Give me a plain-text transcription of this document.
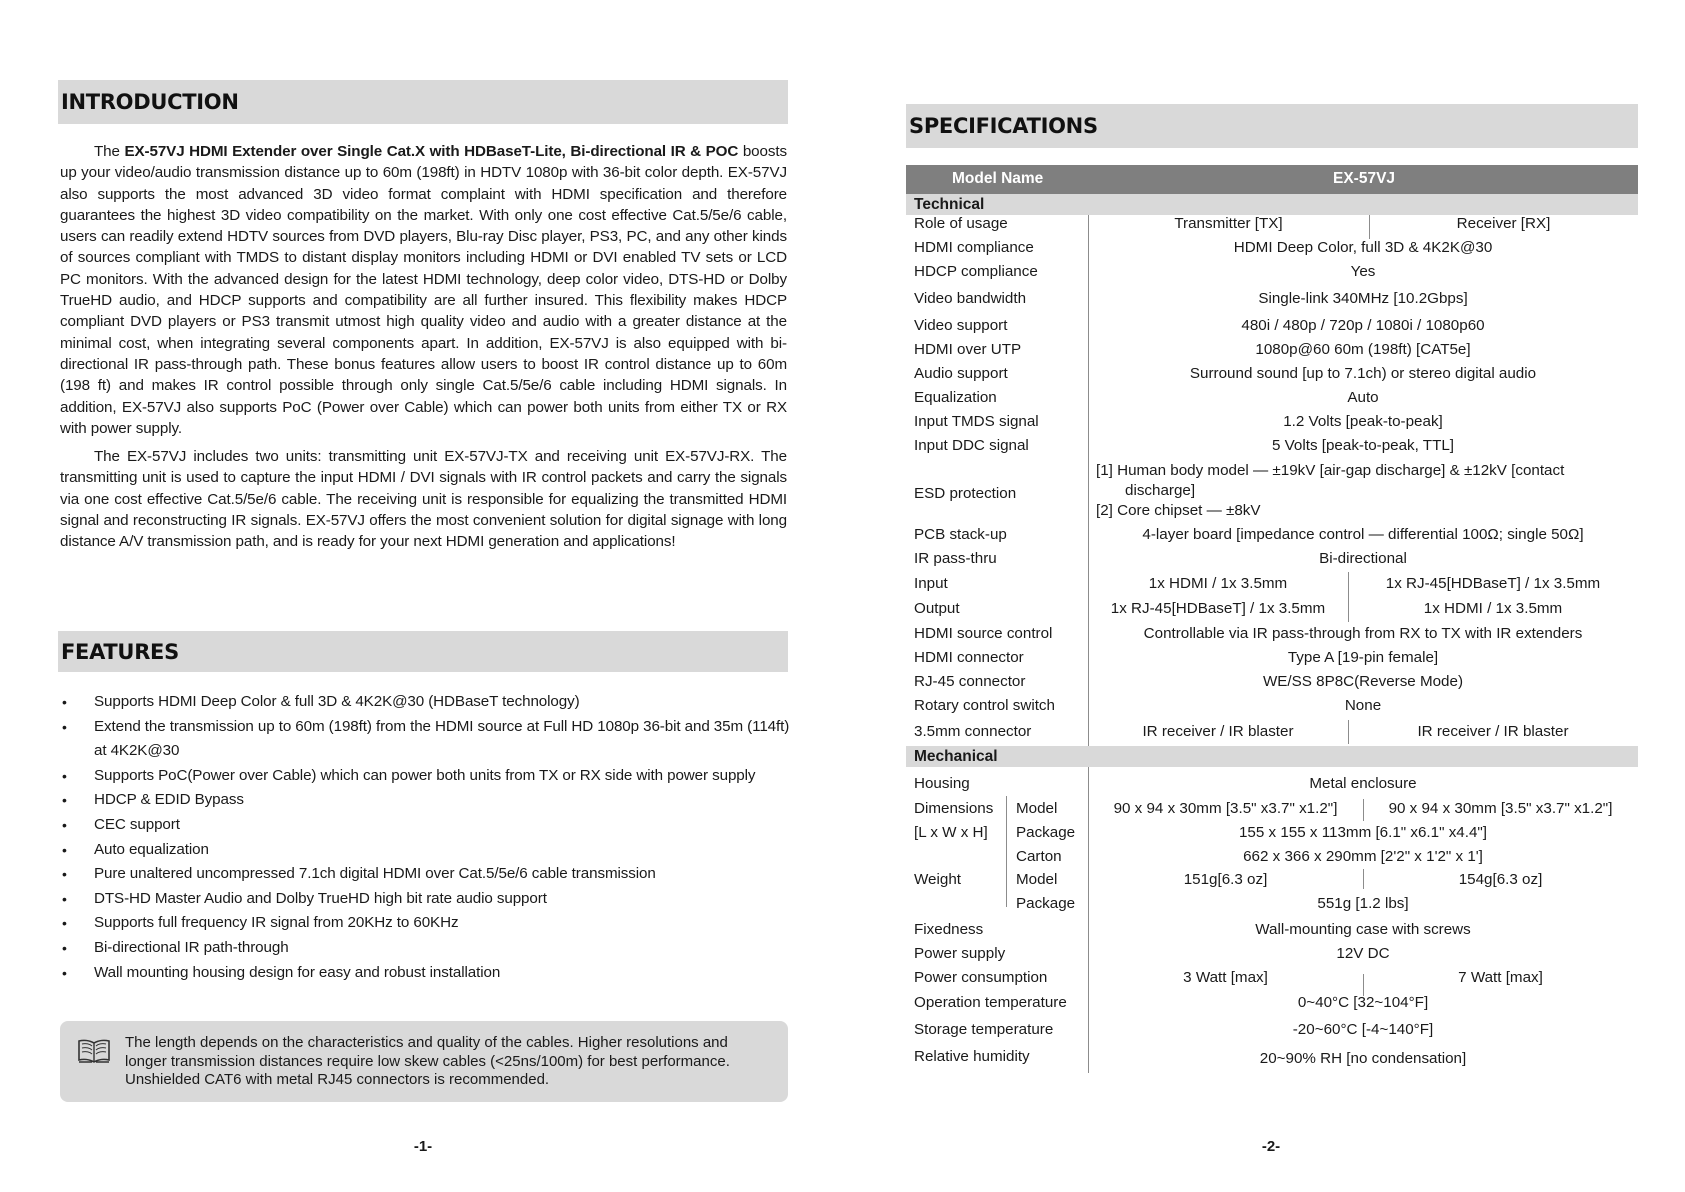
INTRODUCTION

The EX-57VJ HDMI Extender over Single Cat.X with HDBaseT-Lite, Bi-directional IR & POC boosts up your video/audio transmission distance up to 60m (198ft) in HDTV 1080p with 36-bit color depth. EX-57VJ also supports the most advanced 3D video format complaint with HDMI specification and therefore guarantees the highest 3D video compatibility on the market. With only one cost effective Cat.5/5e/6 cable, users can readily extend HDTV sources from DVD players, Blu-ray Disc player, PS3, PC, and any other kinds of sources compliant with TMDS to distant display monitors including HDMI or DVI enabled TV sets or LCD PC monitors. With the advanced design for the latest HDMI technology, deep color video, DTS-HD or Dolby TrueHD audio, and HDCP supports and compatibility are all further insured. This flexibility makes HDCP compliant DVD players or PS3 transmit utmost high quality video and audio with a greater distance at the minimal cost, when integrating several components apart. In addition, EX-57VJ is also equipped with bi-directional IR pass-through path. These bonus features allow users to boost IR control distance up to 60m (198 ft) and makes IR control possible through only single Cat.5/5e/6 cable including HDMI signals. In addition, EX-57VJ also supports PoC (Power over Cable) which can power both units from either TX or RX with power supply.

The EX-57VJ includes two units: transmitting unit EX-57VJ-TX and receiving unit EX-57VJ-RX. The transmitting unit is used to capture the input HDMI / DVI signals with IR control packets and carry the signals via one cost effective Cat.5/5e/6 cable. The receiving unit is responsible for equalizing the transmitted HDMI signal and reconstructing IR signals. EX-57VJ offers the most convenient solution for digital signage with long distance A/V transmission path, and is ready for your next HDMI generation and applications!

FEATURES
• Supports HDMI Deep Color & full 3D & 4K2K@30 (HDBaseT technology)
• Extend the transmission up to 60m (198ft) from the HDMI source at Full HD 1080p 36-bit and 35m (114ft) at 4K2K@30
• Supports PoC(Power over Cable) which can power both units from TX or RX side with power supply
• HDCP & EDID Bypass
• CEC support
• Auto equalization
• Pure unaltered uncompressed 7.1ch digital HDMI over Cat.5/5e/6 cable transmission
• DTS-HD Master Audio and Dolby TrueHD high bit rate audio support
• Supports full frequency IR signal from 20KHz to 60KHz
• Bi-directional IR path-through
• Wall mounting housing design for easy and robust installation
The length depends on the characteristics and quality of the cables. Higher resolutions and
longer transmission distances require low skew cables (<25ns/100m) for best performance.
Unshielded CAT6 with metal RJ45 connectors is recommended.
-1-
SPECIFICATIONS
Model Name	EX-57VJ
Technical
Role of usage	Transmitter [TX]	Receiver [RX]
HDMI compliance	HDMI Deep Color, full 3D & 4K2K@30
HDCP compliance	Yes
Video bandwidth	Single-link 340MHz [10.2Gbps]
Video support	480i / 480p / 720p / 1080i / 1080p60
HDMI over UTP	1080p@60 60m (198ft) [CAT5e]
Audio support	Surround sound [up to 7.1ch) or stereo digital audio
Equalization	Auto
Input TMDS signal	1.2 Volts [peak-to-peak]
Input DDC signal	5 Volts [peak-to-peak, TTL]
ESD protection
[1] Human body model — ±19kV [air-gap discharge] & ±12kV [contact
discharge]
[2] Core chipset — ±8kV
PCB stack-up	4-layer board [impedance control — differential 100Ω; single 50Ω]
IR pass-thru	Bi-directional
Input	1x HDMI / 1x 3.5mm	1x RJ-45[HDBaseT] / 1x 3.5mm
Output	1x RJ-45[HDBaseT] / 1x 3.5mm	1x HDMI / 1x 3.5mm
HDMI source control	Controllable via IR pass-through from RX to TX with IR extenders
HDMI connector	Type A [19-pin female]
RJ-45 connector	WE/SS 8P8C(Reverse Mode)
Rotary control switch	None
3.5mm connector	IR receiver / IR blaster	IR receiver / IR blaster
Mechanical
Housing	Metal enclosure
Dimensions Model	90 x 94 x 30mm [3.5" x3.7" x1.2"]	90 x 94 x 30mm [3.5" x3.7" x1.2"]
[L x W x H] Package	155 x 155 x 113mm [6.1" x6.1" x4.4"]
Carton	662 x 366 x 290mm [2'2" x 1'2" x 1']
Weight	Model	151g[6.3 oz]	154g[6.3 oz]
Package	551g [1.2 lbs]
Fixedness	Wall-mounting case with screws
Power supply	12V DC
Power consumption	3 Watt [max]	7 Watt [max]
Operation temperature	0~40°C [32~104°F]
Storage temperature	-20~60°C [-4~140°F]
Relative humidity	20~90% RH [no condensation]
-2-
